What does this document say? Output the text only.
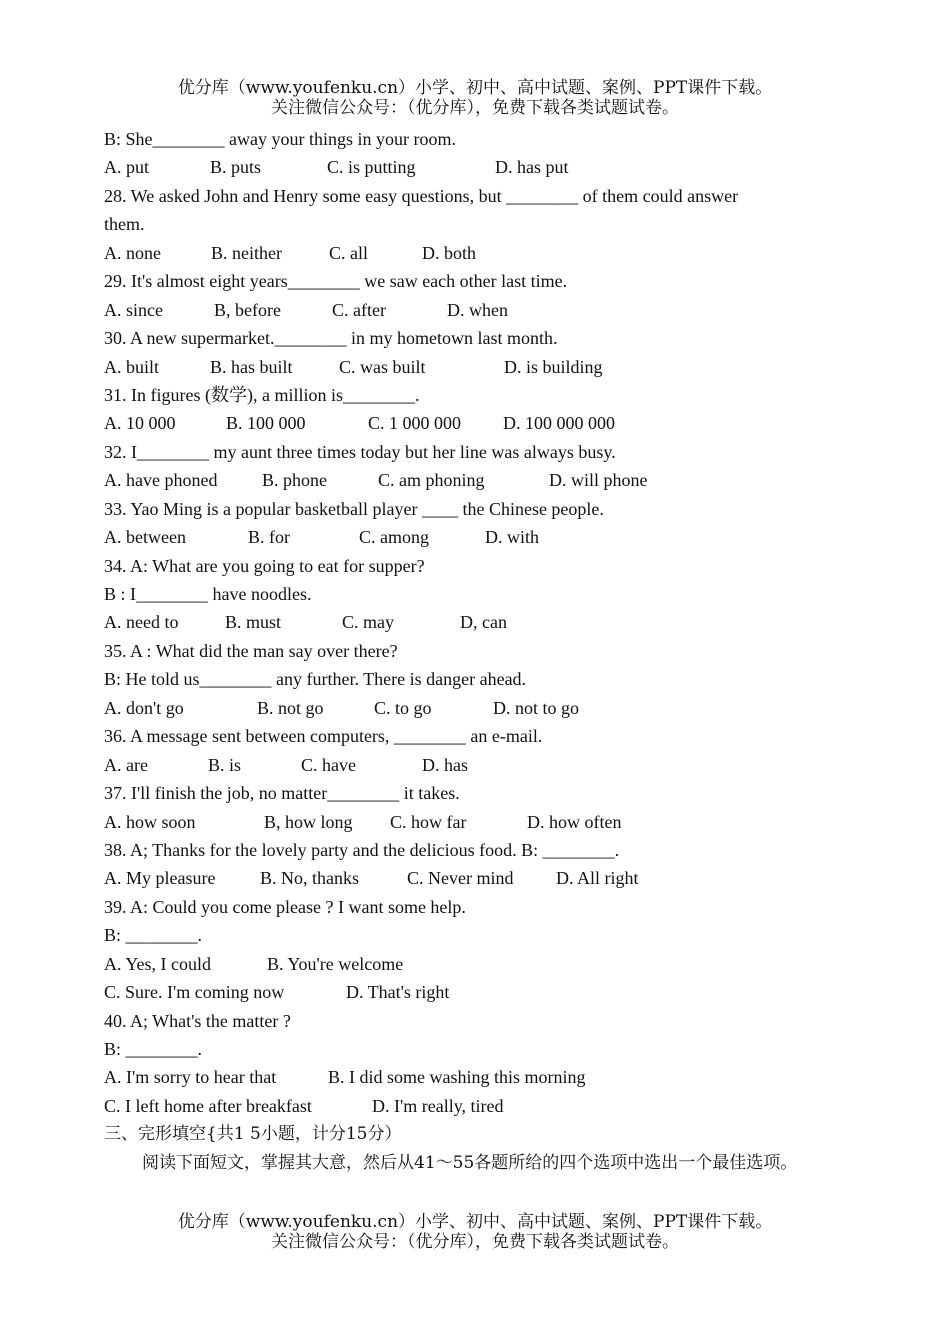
优分库（www.youfenku.cn）小学、初中、高中试题、案例、PPT课件下载。
关注微信公众号：（优分库），免费下载各类试题试卷。
B: She________ away your things in your room.
A. put	B. puts	C. is putting	D. has put
28. We asked John and Henry some easy questions, but ________ of them could answer
them.
A. none	B. neither	C. all	D. both
29. It's almost eight years________ we saw each other last time.
A. since	B, before	C. after	D. when
30. A new supermarket.________ in my hometown last month.
A. built	B. has built	C. was built	D. is building
31. In figures (数学), a million is________.
A. 10 000	B. 100 000	C. 1 000 000 D. 100 000 000
32. I________ my aunt three times today but her line was always busy.
A. have phoned B. phone	C. am phoning	D. will phone
33. Yao Ming is a popular basketball player ____ the Chinese people.
A. between	B. for	C. among	D. with
34. A: What are you going to eat for supper?
B : I________ have noodles.
A. need to	B. must	C. may	D, can
35. A : What did the man say over there?
B: He told us________ any further. There is danger ahead.
A. don't go	B. not go	C. to go	D. not to go
36. A message sent between computers, ________ an e-mail.
A. are	B. is	C. have	D. has
37. I'll finish the job, no matter________ it takes.
A. how soon	B, how long C. how far	D. how often
38. A; Thanks for the lovely party and the delicious food. B: ________.
A. My pleasure B. No, thanks	C. Never mind D. All right
39. A: Could you come please ? I want some help.
B: ________.
A. Yes, I could	B. You're welcome
C. Sure. I'm coming now	D. That's right
40. A; What's the matter ?
B: ________.
A. I'm sorry to hear that	B. I did some washing this morning
C. I left home after breakfast	D. I'm really, tired
三、完形填空{共1 5小题，计分15分）
阅读下面短文，掌握其大意，然后从41～55各题所给的四个选项中选出一个最佳选项。
优分库（www.youfenku.cn）小学、初中、高中试题、案例、PPT课件下载。
关注微信公众号：（优分库），免费下载各类试题试卷。
